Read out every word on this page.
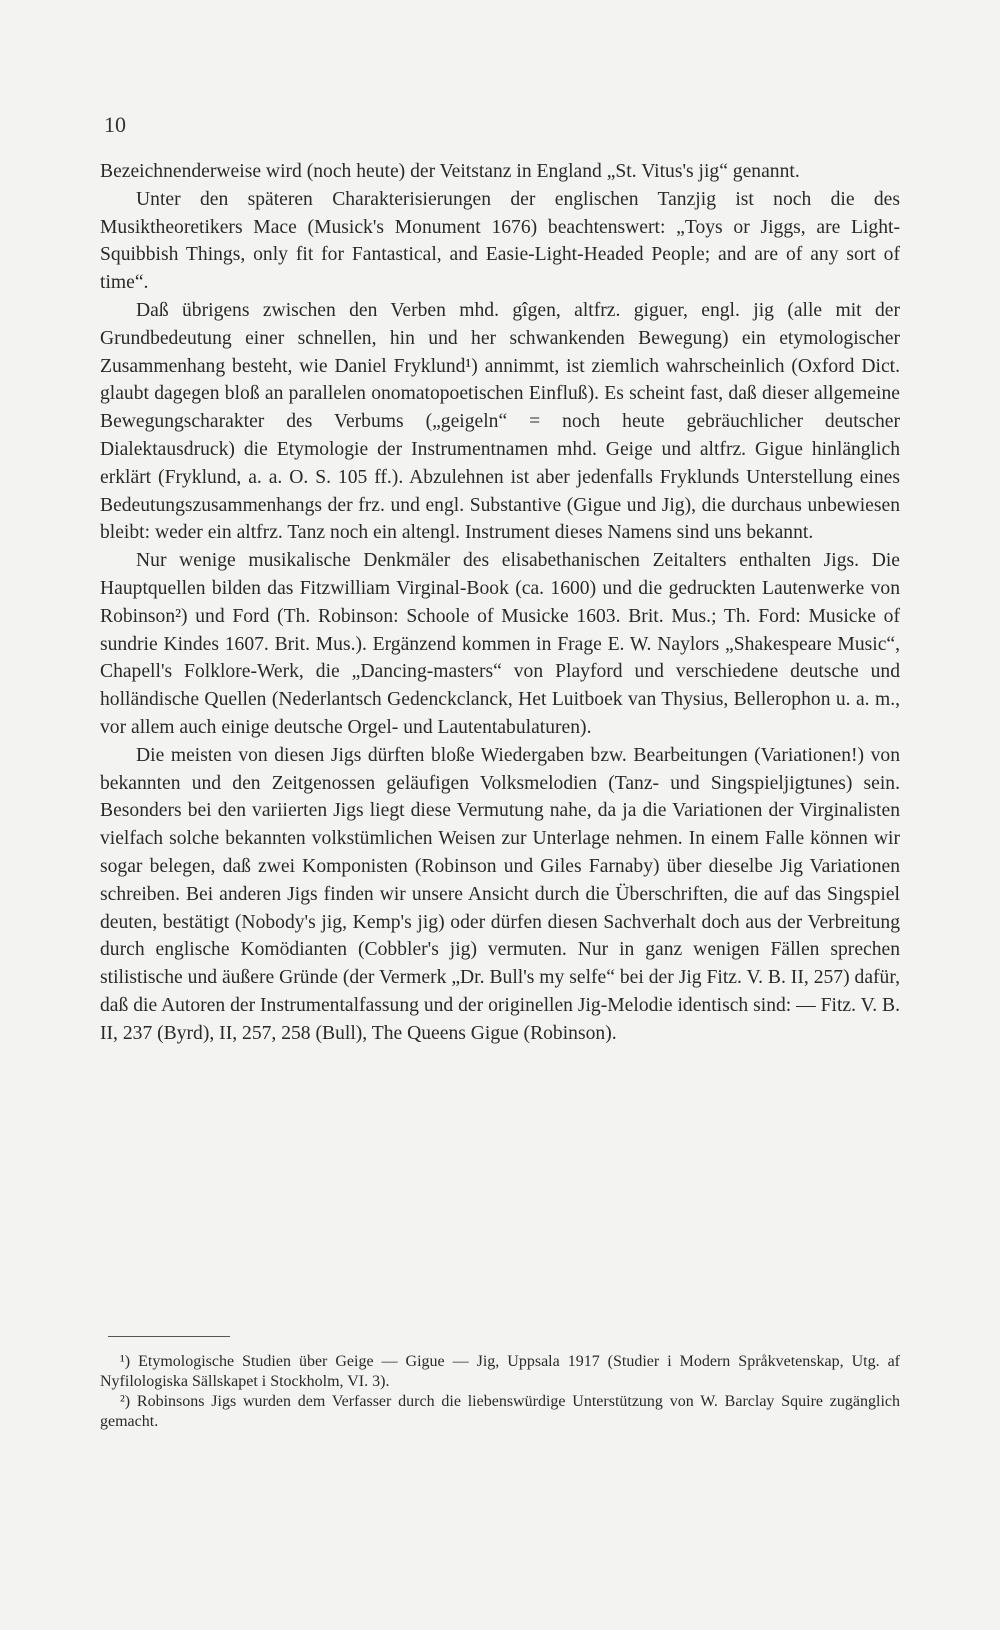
10

Bezeichnenderweise wird (noch heute) der Veitstanz in England „St. Vitus's jig“ genannt.

Unter den späteren Charakterisierungen der englischen Tanzjig ist noch die des Musiktheoretikers Mace (Musick's Monument 1676) beachtenswert: „Toys or Jiggs, are Light-Squibbish Things, only fit for Fantastical, and Easie-Light-Headed People; and are of any sort of time“.

Daß übrigens zwischen den Verben mhd. gîgen, altfrz. giguer, engl. jig (alle mit der Grundbedeutung einer schnellen, hin und her schwankenden Bewegung) ein etymologischer Zusammenhang besteht, wie Daniel Fryklund¹) annimmt, ist ziemlich wahrscheinlich (Oxford Dict. glaubt dagegen bloß an parallelen onomatopoetischen Einfluß). Es scheint fast, daß dieser allgemeine Bewegungscharakter des Verbums („geigeln“ = noch heute gebräuchlicher deutscher Dialektausdruck) die Etymologie der Instrumentnamen mhd. Geige und altfrz. Gigue hinlänglich erklärt (Fryklund, a. a. O. S. 105 ff.). Abzulehnen ist aber jedenfalls Fryklunds Unterstellung eines Bedeutungszusammenhangs der frz. und engl. Substantive (Gigue und Jig), die durchaus unbewiesen bleibt: weder ein altfrz. Tanz noch ein altengl. Instrument dieses Namens sind uns bekannt.

Nur wenige musikalische Denkmäler des elisabethanischen Zeitalters enthalten Jigs. Die Hauptquellen bilden das Fitzwilliam Virginal-Book (ca. 1600) und die gedruckten Lautenwerke von Robinson²) und Ford (Th. Robinson: Schoole of Musicke 1603. Brit. Mus.; Th. Ford: Musicke of sundrie Kindes 1607. Brit. Mus.). Ergänzend kommen in Frage E. W. Naylors „Shakespeare Music“, Chapell's Folklore-Werk, die „Dancing-masters“ von Playford und verschiedene deutsche und holländische Quellen (Nederlantsch Gedenckclanck, Het Luitboek van Thysius, Bellerophon u. a. m., vor allem auch einige deutsche Orgel- und Lautentabulaturen).

Die meisten von diesen Jigs dürften bloße Wiedergaben bzw. Bearbeitungen (Variationen!) von bekannten und den Zeitgenossen geläufigen Volksmelodien (Tanz- und Singspieljigtunes) sein. Besonders bei den variierten Jigs liegt diese Vermutung nahe, da ja die Variationen der Virginalisten vielfach solche bekannten volkstümlichen Weisen zur Unterlage nehmen. In einem Falle können wir sogar belegen, daß zwei Komponisten (Robinson und Giles Farnaby) über dieselbe Jig Variationen schreiben. Bei anderen Jigs finden wir unsere Ansicht durch die Überschriften, die auf das Singspiel deuten, bestätigt (Nobody's jig, Kemp's jig) oder dürfen diesen Sachverhalt doch aus der Verbreitung durch englische Komödianten (Cobbler's jig) vermuten. Nur in ganz wenigen Fällen sprechen stilistische und äußere Gründe (der Vermerk „Dr. Bull's my selfe“ bei der Jig Fitz. V. B. II, 257) dafür, daß die Autoren der Instrumentalfassung und der originellen Jig-Melodie identisch sind: — Fitz. V. B. II, 237 (Byrd), II, 257, 258 (Bull), The Queens Gigue (Robinson).

¹) Etymologische Studien über Geige — Gigue — Jig, Uppsala 1917 (Studier i Modern Språkvetenskap, Utg. af Nyfilologiska Sällskapet i Stockholm, VI. 3).

²) Robinsons Jigs wurden dem Verfasser durch die liebenswürdige Unterstützung von W. Barclay Squire zugänglich gemacht.
